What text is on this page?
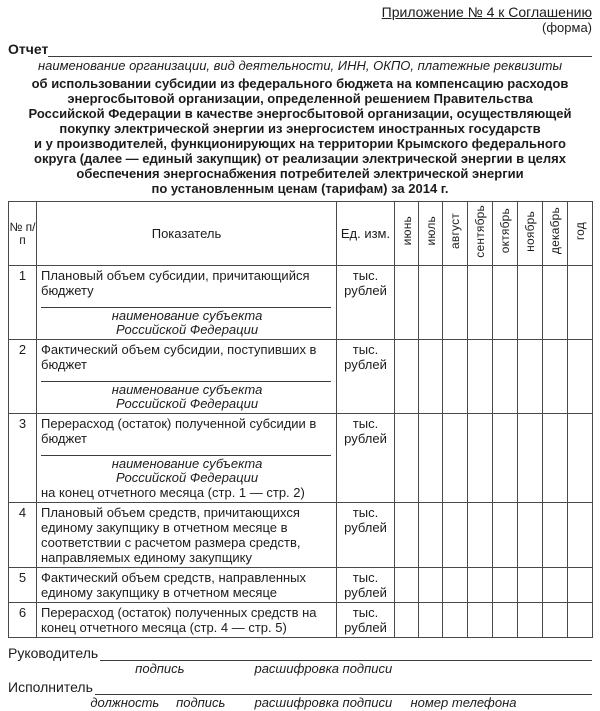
Приложение № 4 к Соглашению
(форма)
Отчет
наименование организации, вид деятельности, ИНН, ОКПО, платежные реквизиты
об использовании субсидии из федерального бюджета на компенсацию расходов
энергосбытовой организации, определенной решением Правительства
Российской Федерации в качестве энергосбытовой организации, осуществляющей
покупку электрической энергии из энергосистем иностранных государств
и у производителей, функционирующих на территории Крымского федерального
округа (далее — единый закупщик) от реализации электрической энергии в целях
обеспечения энергоснабжения потребителей электрической энергии
по установленным ценам (тарифам) за 2014 г.
№ п/п	Показатель	Ед. изм.	июнь	июль	август	сентябрь	октябрь	ноябрь	декабрь	год
1	Плановый объем субсидии, причитающийся бюджету
наименование субъекта
Российской Федерации	тыс. рублей								
2	Фактический объем субсидии, поступивших в бюджет
наименование субъекта
Российской Федерации	тыс. рублей								
3	Перерасход (остаток) полученной субсидии в бюджет
наименование субъекта
Российской Федерации
на конец отчетного месяца (стр. 1 — стр. 2)	тыс. рублей								
4	Плановый объем средств, причитающихся единому закупщику в отчетном месяце в соответствии с расчетом размера средств, направляемых единому закупщику	тыс. рублей								
5	Фактический объем средств, направленных единому закупщику в отчетном месяце	тыс. рублей								
6	Перерасход (остаток) полученных средств на конец отчетного месяца (стр. 4 — стр. 5)	тыс. рублей								
Руководитель
подпись	расшифровка подписи
Исполнитель
должность подпись расшифровка подписи номер телефона
